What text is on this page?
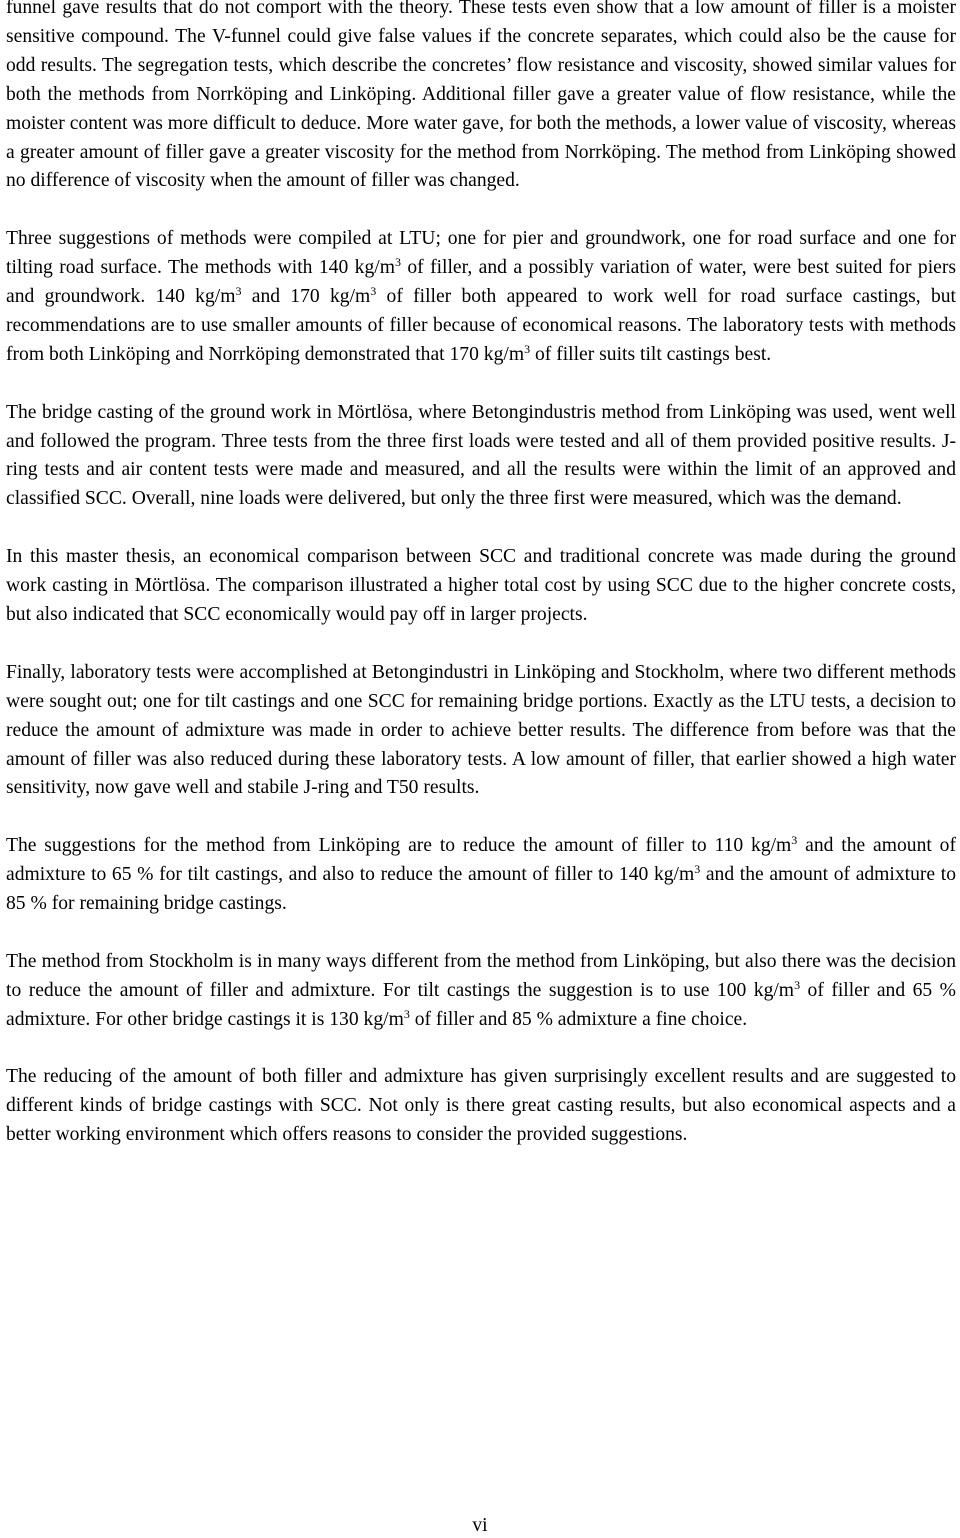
funnel gave results that do not comport with the theory. These tests even show that a low amount of filler is a moister sensitive compound. The V-funnel could give false values if the concrete separates, which could also be the cause for odd results. The segregation tests, which describe the concretes’ flow resistance and viscosity, showed similar values for both the methods from Norrköping and Linköping. Additional filler gave a greater value of flow resistance, while the moister content was more difficult to deduce. More water gave, for both the methods, a lower value of viscosity, whereas a greater amount of filler gave a greater viscosity for the method from Norrköping. The method from Linköping showed no difference of viscosity when the amount of filler was changed.

Three suggestions of methods were compiled at LTU; one for pier and groundwork, one for road surface and one for tilting road surface. The methods with 140 $kg/m^3$ of filler, and a possibly variation of water, were best suited for piers and groundwork. 140 $kg/m^3$ and 170 $kg/m^3$ of filler both appeared to work well for road surface castings, but recommendations are to use smaller amounts of filler because of economical reasons. The laboratory tests with methods from both Linköping and Norrköping demonstrated that 170 $kg/m^3$ of filler suits tilt castings best.

The bridge casting of the ground work in Mörtlösa, where Betongindustris method from Linköping was used, went well and followed the program. Three tests from the three first loads were tested and all of them provided positive results. J-ring tests and air content tests were made and measured, and all the results were within the limit of an approved and classified SCC. Overall, nine loads were delivered, but only the three first were measured, which was the demand.

In this master thesis, an economical comparison between SCC and traditional concrete was made during the ground work casting in Mörtlösa. The comparison illustrated a higher total cost by using SCC due to the higher concrete costs, but also indicated that SCC economically would pay off in larger projects.

Finally, laboratory tests were accomplished at Betongindustri in Linköping and Stockholm, where two different methods were sought out; one for tilt castings and one SCC for remaining bridge portions. Exactly as the LTU tests, a decision to reduce the amount of admixture was made in order to achieve better results. The difference from before was that the amount of filler was also reduced during these laboratory tests. A low amount of filler, that earlier showed a high water sensitivity, now gave well and stabile J-ring and T50 results.

The suggestions for the method from Linköping are to reduce the amount of filler to 110 $kg/m^3$ and the amount of admixture to 65 % for tilt castings, and also to reduce the amount of filler to 140 $kg/m^3$ and the amount of admixture to 85 % for remaining bridge castings.

The method from Stockholm is in many ways different from the method from Linköping, but also there was the decision to reduce the amount of filler and admixture. For tilt castings the suggestion is to use 100 $kg/m^3$ of filler and 65 % admixture. For other bridge castings it is 130 $kg/m^3$ of filler and 85 % admixture a fine choice.

The reducing of the amount of both filler and admixture has given surprisingly excellent results and are suggested to different kinds of bridge castings with SCC. Not only is there great casting results, but also economical aspects and a better working environment which offers reasons to consider the provided suggestions.

vi
